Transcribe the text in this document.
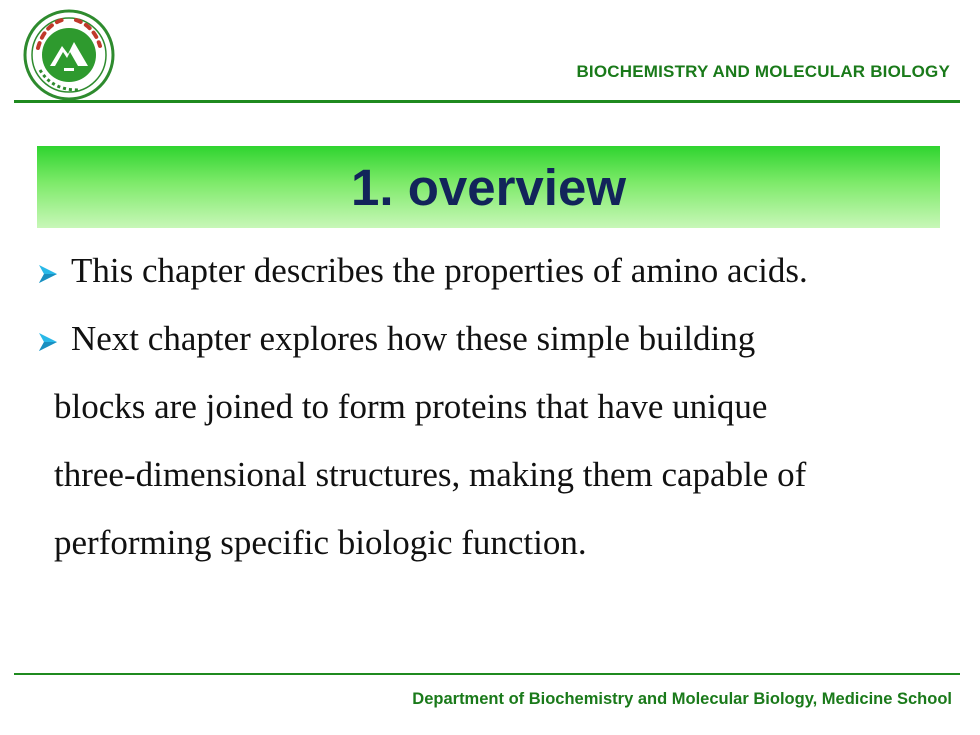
BIOCHEMISTRY AND MOLECULAR BIOLOGY
1. overview
This chapter describes the properties of amino acids.
Next chapter explores how these simple building
blocks are joined to form proteins that have unique
three-dimensional structures, making them capable of
performing specific biologic function.
Department of Biochemistry and Molecular Biology, Medicine School
